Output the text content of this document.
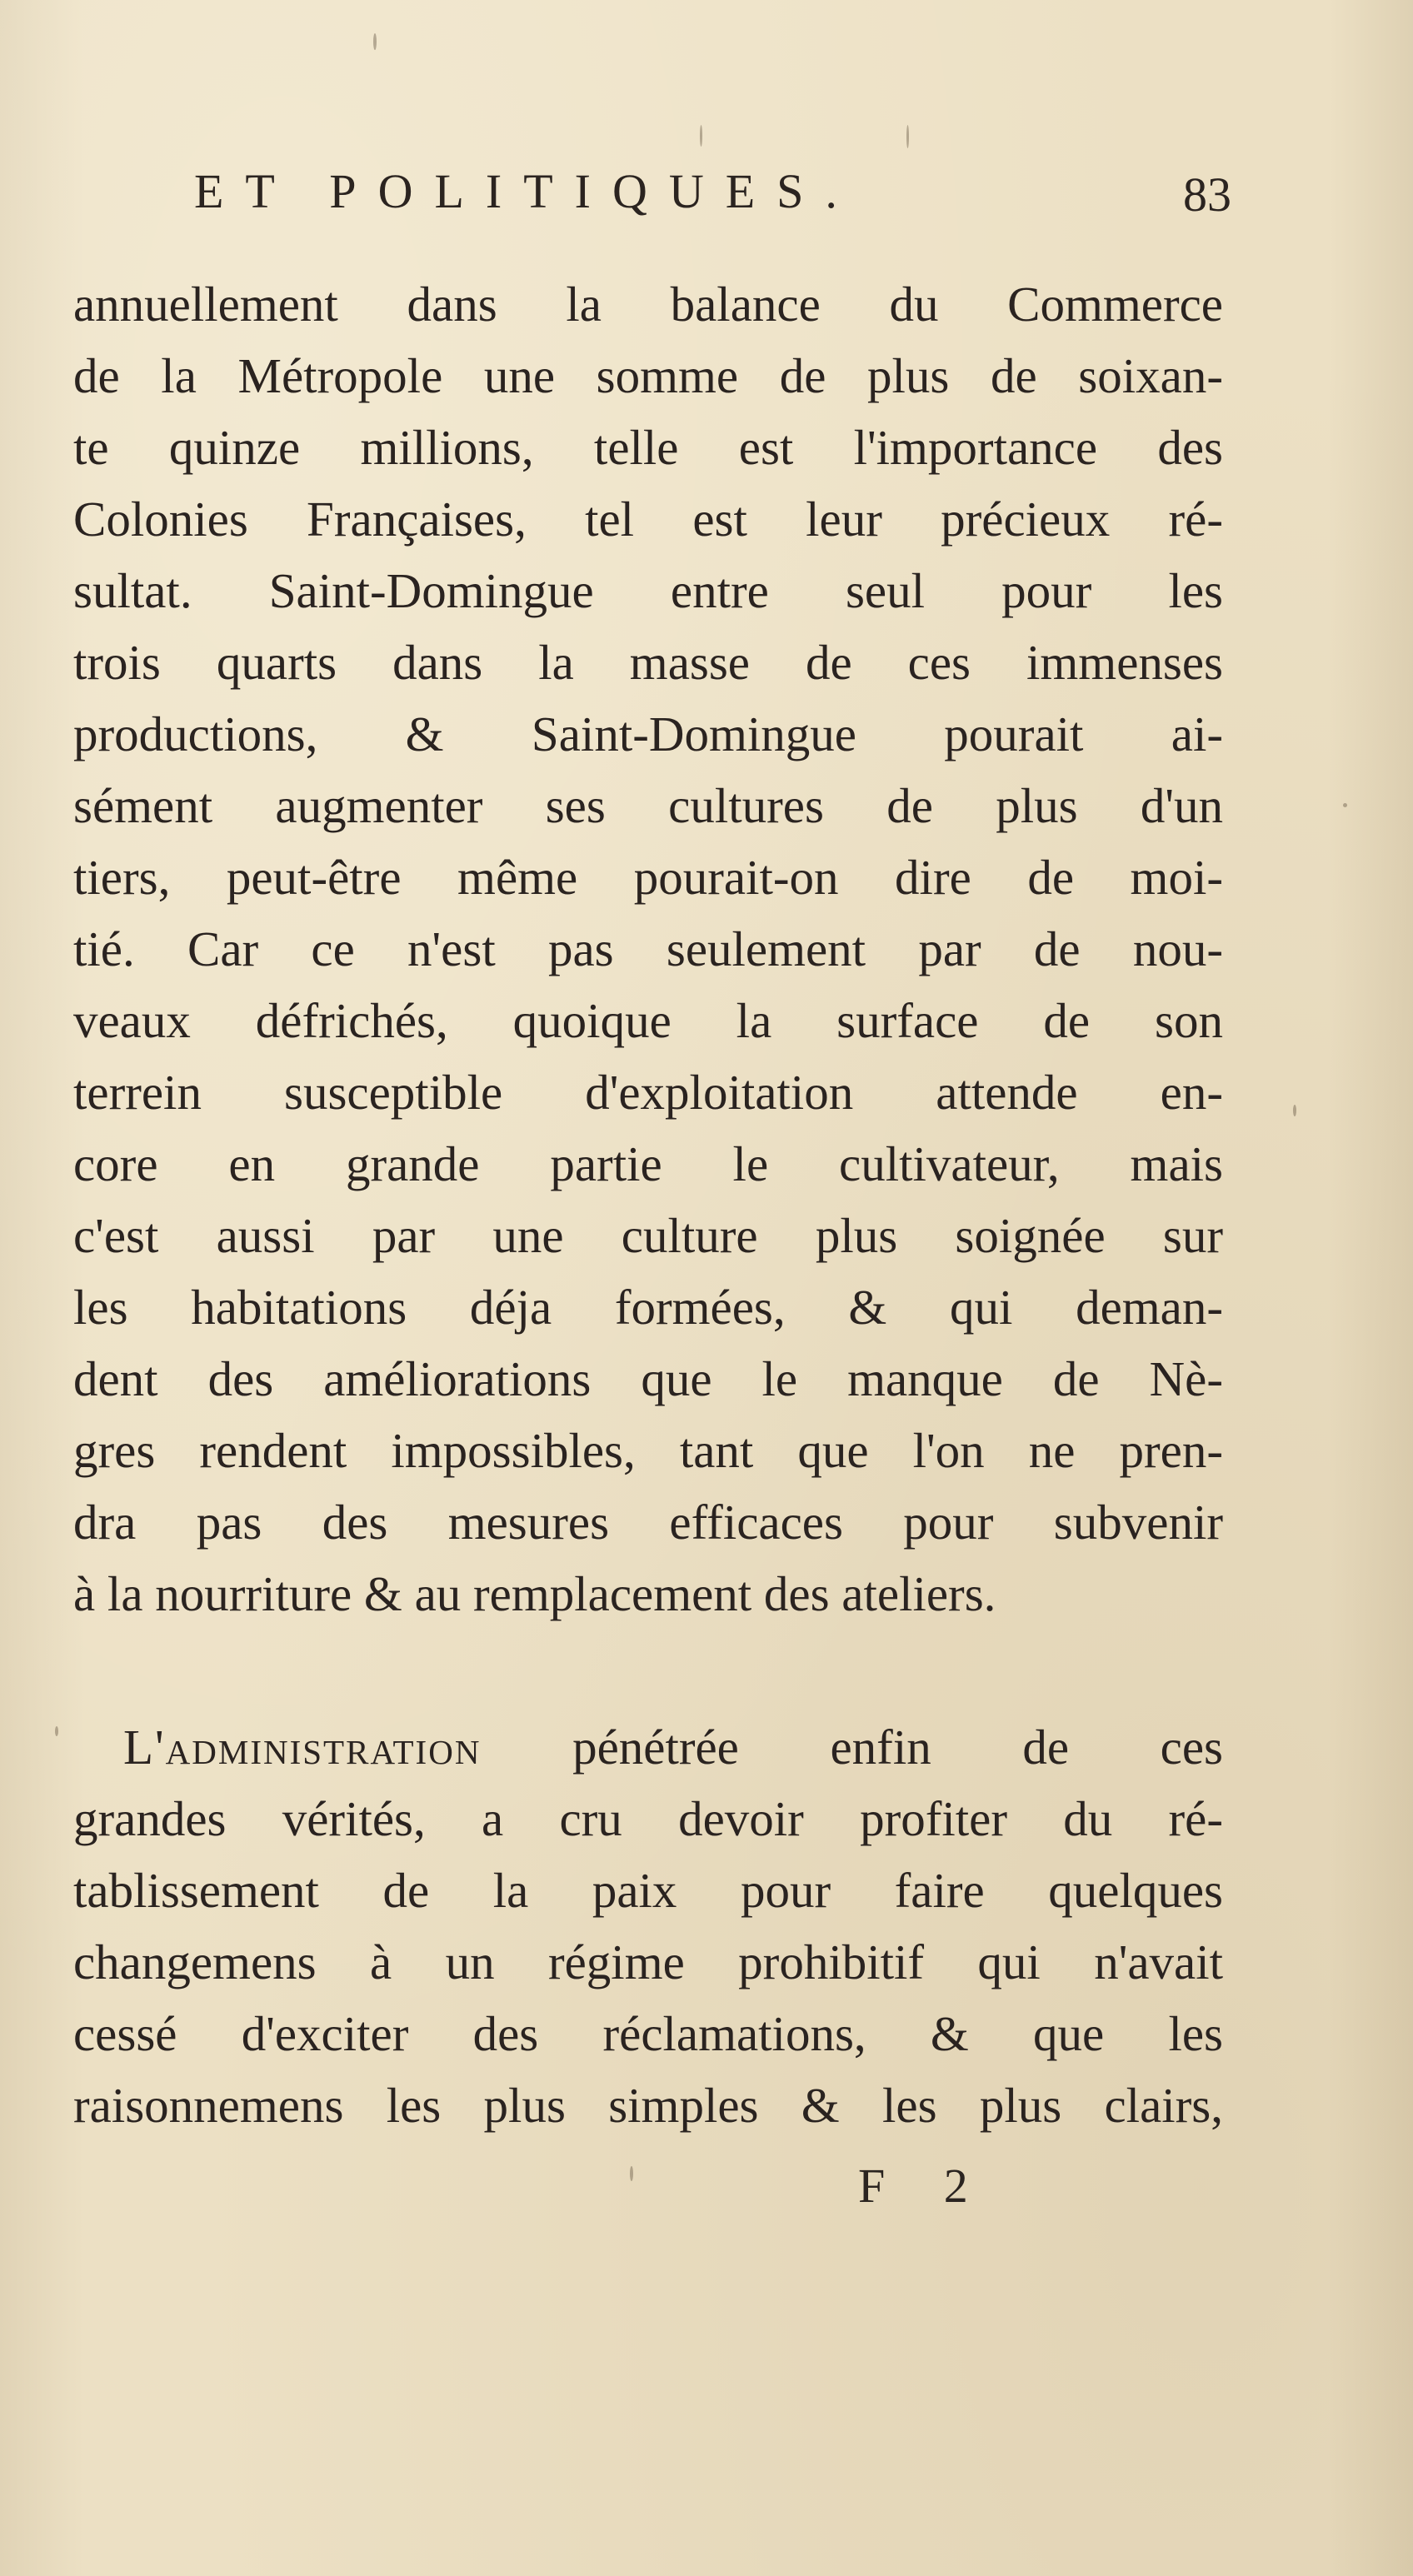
ET POLITIQUES.	83
annuellement dans la balance du Commerce
de la Métropole une somme de plus de soixan-
te quinze millions, telle est l'importance des
Colonies Françaises, tel est leur précieux ré-
sultat. Saint-Domingue entre seul pour les
trois quarts dans la masse de ces immenses
productions, & Saint-Domingue pourait ai-
sément augmenter ses cultures de plus d'un
tiers, peut-être même pourait-on dire de moi-
tié. Car ce n'est pas seulement par de nou-
veaux défrichés, quoique la surface de son
terrein susceptible d'exploitation attende en-
core en grande partie le cultivateur, mais
c'est aussi par une culture plus soignée sur
les habitations déja formées, & qui deman-
dent des améliorations que le manque de Nè-
gres rendent impossibles, tant que l'on ne pren-
dra pas des mesures efficaces pour subvenir
à la nourriture & au remplacement des ateliers.
L'administration pénétrée enfin de ces
grandes vérités, a cru devoir profiter du ré-
tablissement de la paix pour faire quelques
changemens à un régime prohibitif qui n'avait
cessé d'exciter des réclamations, & que les
raisonnemens les plus simples & les plus clairs,
F 2
